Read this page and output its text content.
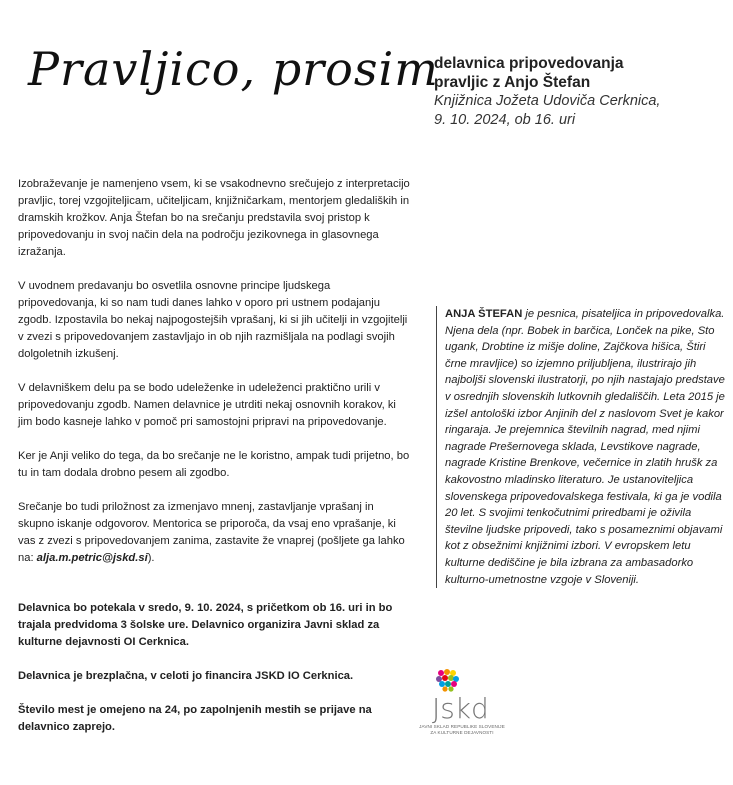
Pravljico, prosim
delavnica pripovedovanja
pravljic z Anjo Štefan
Knjižnica Jožeta Udoviča Cerknica,
9. 10. 2024, ob 16. uri

Izobraževanje je namenjeno vsem, ki se vsakodnevno srečujejo z interpretacijo pravljic, torej vzgojiteljicam, učiteljicam, knjižničarkam, mentorjem gledaliških in dramskih krožkov. Anja Štefan bo na srečanju predstavila svoj pristop k pripovedovanju in svoj način dela na področju jezikovnega in glasovnega izražanja.

V uvodnem predavanju bo osvetlila osnovne principe ljudskega pripovedovanja, ki so nam tudi danes lahko v oporo pri ustnem podajanju zgodb. Izpostavila bo nekaj najpogostejših vprašanj, ki si jih učitelji in vzgojitelji v zvezi s pripovedovanjem zastavljajo in ob njih razmišljala na podlagi svojih dolgoletnih izkušenj.

V delavniškem delu pa se bodo udeleženke in udeleženci praktično urili v pripovedovanju zgodb. Namen delavnice je utrditi nekaj osnovnih korakov, ki jim bodo kasneje lahko v pomoč pri samostojni pripravi na pripovedovanje.

Ker je Anji veliko do tega, da bo srečanje ne le koristno, ampak tudi prijetno, bo tu in tam dodala drobno pesem ali zgodbo.

Srečanje bo tudi priložnost za izmenjavo mnenj, zastavljanje vprašanj in skupno iskanje odgovorov. Mentorica se priporoča, da vsaj eno vprašanje, ki vas z zvezi s pripovedovanjem zanima, zastavite že vnaprej (pošljete ga lahko na: alja.m.petric@jskd.si).

Delavnica bo potekala v sredo, 9. 10. 2024, s pričetkom ob 16. uri in bo trajala predvidoma 3 šolske ure. Delavnico organizira Javni sklad za kulturne dejavnosti OI Cerknica.

Delavnica je brezplačna, v celoti jo financira JSKD IO Cerknica.

Število mest je omejeno na 24, po zapolnjenih mestih se prijave na delavnico zaprejo.

ANJA ŠTEFAN je pesnica, pisateljica in pripovedovalka. Njena dela (npr. Bobek in barčica, Lonček na pike, Sto ugank, Drobtine iz mišje doline, Zajčkova hišica, Štiri črne mravljice) so izjemno priljubljena, ilustrirajo jih najboljši slovenski ilustratorji, po njih nastajajo predstave v osrednjih slovenskih lutkovnih gledališčih. Leta 2015 je izšel antološki izbor Anjinih del z naslovom Svet je kakor ringaraja. Je prejemnica številnih nagrad, med njimi nagrade Prešernovega sklada, Levstikove nagrade, nagrade Kristine Brenkove, večernice in zlatih hrušk za kakovostno mladinsko literaturo. Je ustanoviteljica slovenskega pripovedovalskega festivala, ki ga je vodila 20 let. S svojimi tenkočutnimi priredbami je oživila številne ljudske pripovedi, tako s posameznimi objavami kot z obsežnimi knjižnimi izbori. V evropskem letu kulturne dediščine je bila izbrana za ambasadorko kulturno-umetnostne vzgoje v Sloveniji.
Jskd
JAVNI SKLAD REPUBLIKE SLOVENIJE
ZA KULTURNE DEJAVNOSTI
